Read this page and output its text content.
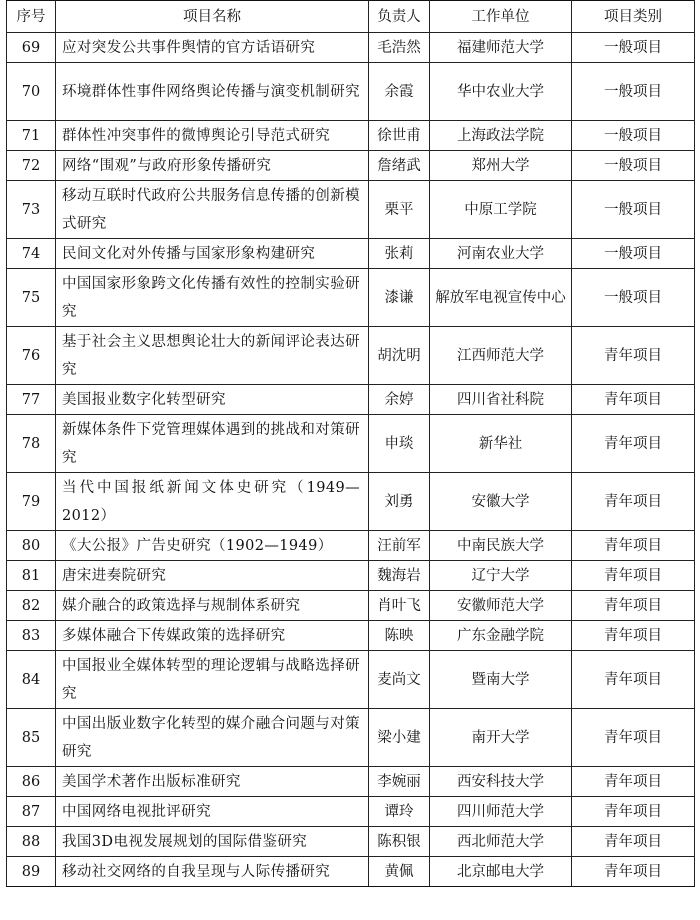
序号	项目名称	负责人	工作单位	项目类别
69	应对突发公共事件舆情的官方话语研究	毛浩然	福建师范大学	一般项目
70	环境群体性事件网络舆论传播与演变机制研究	余霞	华中农业大学	一般项目
71	群体性冲突事件的微博舆论引导范式研究	徐世甫	上海政法学院	一般项目
72	网络“围观”与政府形象传播研究	詹绪武	郑州大学	一般项目
73	移动互联时代政府公共服务信息传播的创新模式研究	栗平	中原工学院	一般项目
74	民间文化对外传播与国家形象构建研究	张莉	河南农业大学	一般项目
75	中国国家形象跨文化传播有效性的控制实验研究	漆谦	解放军电视宣传中心	一般项目
76	基于社会主义思想舆论壮大的新闻评论表达研究	胡沈明	江西师范大学	青年项目
77	美国报业数字化转型研究	余婷	四川省社科院	青年项目
78	新媒体条件下党管理媒体遇到的挑战和对策研究	申琰	新华社	青年项目
79	当代中国报纸新闻文体史研究（1949—2012）	刘勇	安徽大学	青年项目
80	《大公报》广告史研究（1902—1949）	汪前军	中南民族大学	青年项目
81	唐宋进奏院研究	魏海岩	辽宁大学	青年项目
82	媒介融合的政策选择与规制体系研究	肖叶飞	安徽师范大学	青年项目
83	多媒体融合下传媒政策的选择研究	陈映	广东金融学院	青年项目
84	中国报业全媒体转型的理论逻辑与战略选择研究	麦尚文	暨南大学	青年项目
85	中国出版业数字化转型的媒介融合问题与对策研究	梁小建	南开大学	青年项目
86	美国学术著作出版标准研究	李婉丽	西安科技大学	青年项目
87	中国网络电视批评研究	谭玲	四川师范大学	青年项目
88	我国3D电视发展规划的国际借鉴研究	陈积银	西北师范大学	青年项目
89	移动社交网络的自我呈现与人际传播研究	黄佩	北京邮电大学	青年项目
